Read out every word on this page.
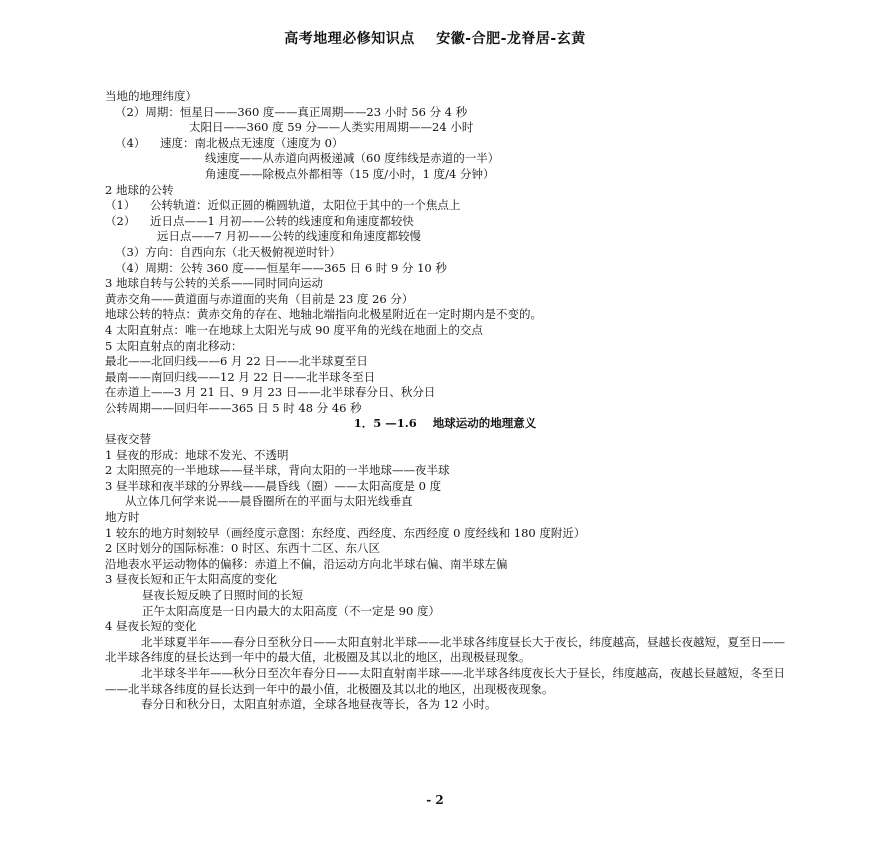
高考地理必修知识点    安徽-合肥-龙脊居-玄黄
当地的地理纬度）
（2）周期：恒星日——360 度——真正周期——23 小时 56 分 4 秒
太阳日——360 度 59 分——人类实用周期——24 小时
（4）    速度：南北极点无速度（速度为 0）
线速度——从赤道向两极递减（60 度纬线是赤道的一半）
角速度——除极点外都相等（15 度/小时，1 度/4 分钟）
2 地球的公转
（1）    公转轨道：近似正圆的椭圆轨道，太阳位于其中的一个焦点上
（2）    近日点——1 月初——公转的线速度和角速度都较快
远日点——7 月初——公转的线速度和角速度都较慢
（3）方向：自西向东（北天极俯视逆时针）
（4）周期：公转 360 度——恒星年——365 日 6 时 9 分 10 秒
3 地球自转与公转的关系——同时同向运动
黄赤交角——黄道面与赤道面的夹角（目前是 23 度 26 分）
地球公转的特点：黄赤交角的存在、地轴北端指向北极星附近在一定时期内是不变的。
4 太阳直射点：唯一在地球上太阳光与成 90 度平角的光线在地面上的交点
5 太阳直射点的南北移动：
最北——北回归线——6 月 22 日——北半球夏至日
最南——南回归线——12 月 22 日——北半球冬至日
在赤道上——3 月 21 日、9 月 23 日——北半球春分日、秋分日
公转周期——回归年——365 日 5 时 48 分 46 秒
1．5 —1.6    地球运动的地理意义
昼夜交替
1 昼夜的形成：地球不发光、不透明
2 太阳照亮的一半地球——昼半球，背向太阳的一半地球——夜半球
3 昼半球和夜半球的分界线——晨昏线（圈）——太阳高度是 0 度
从立体几何学来说——晨昏圈所在的平面与太阳光线垂直
地方时
1 较东的地方时刻较早（画经度示意图：东经度、西经度、东西经度 0 度经线和 180 度附近）
2 区时划分的国际标准：0 时区、东西十二区、东八区
沿地表水平运动物体的偏移：赤道上不偏，沿运动方向北半球右偏、南半球左偏
3 昼夜长短和正午太阳高度的变化
昼夜长短反映了日照时间的长短
正午太阳高度是一日内最大的太阳高度（不一定是 90 度）
4 昼夜长短的变化
北半球夏半年——春分日至秋分日——太阳直射北半球——北半球各纬度昼长大于夜长，纬度越高，昼越长夜越短，夏至日——北半球各纬度的昼长达到一年中的最大值，北极圈及其以北的地区，出现极昼现象。
北半球冬半年——秋分日至次年春分日——太阳直射南半球——北半球各纬度夜长大于昼长，纬度越高，夜越长昼越短，冬至日——北半球各纬度的昼长达到一年中的最小值，北极圈及其以北的地区，出现极夜现象。
春分日和秋分日，太阳直射赤道，全球各地昼夜等长，各为 12 小时。
- 2
